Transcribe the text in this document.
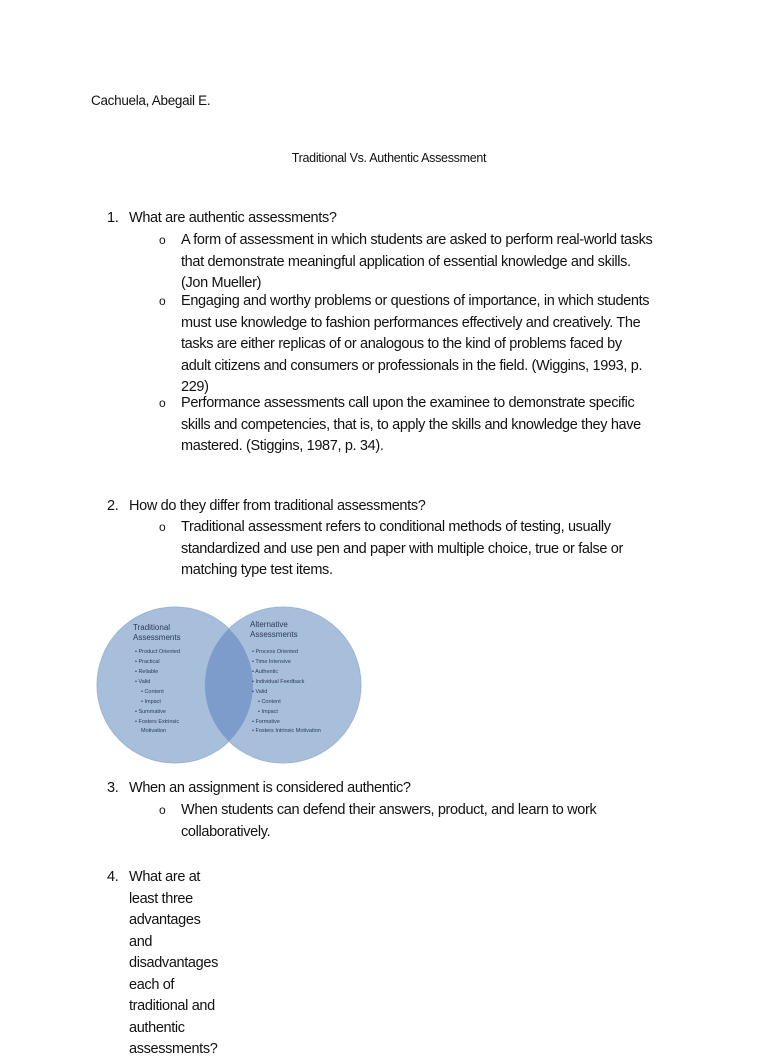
Cachuela, Abegail E.
Traditional Vs. Authentic Assessment
1. What are authentic assessments?
o A form of assessment in which students are asked to perform real-world tasks
that demonstrate meaningful application of essential knowledge and skills.
(Jon Mueller)
o Engaging and worthy problems or questions of importance, in which students
must use knowledge to fashion performances effectively and creatively. The
tasks are either replicas of or analogous to the kind of problems faced by
adult citizens and consumers or professionals in the field. (Wiggins, 1993, p.
229)
o Performance assessments call upon the examinee to demonstrate specific
skills and competencies, that is, to apply the skills and knowledge they have
mastered. (Stiggins, 1987, p. 34).
2. How do they differ from traditional assessments?
o Traditional assessment refers to conditional methods of testing, usually
standardized and use pen and paper with multiple choice, true or false or
matching type test items.
Traditional
Assessments
Alternative
Assessments
• Product Oriented
• Practical
• Reliable
• Valid
• Content
• Impact
• Summative
• Fosters Extrinsic
Motivation
• Process Oriented
• Time Intensive
• Authentic
• Individual Feedback
• Valid
• Content
• Impact
• Formative
• Fosters Intrinsic Motivation
3. When an assignment is considered authentic?
o When students can defend their answers, product, and learn to work
collaboratively.
4. What are at least three advantages and disadvantages each of traditional and
authentic assessments?
